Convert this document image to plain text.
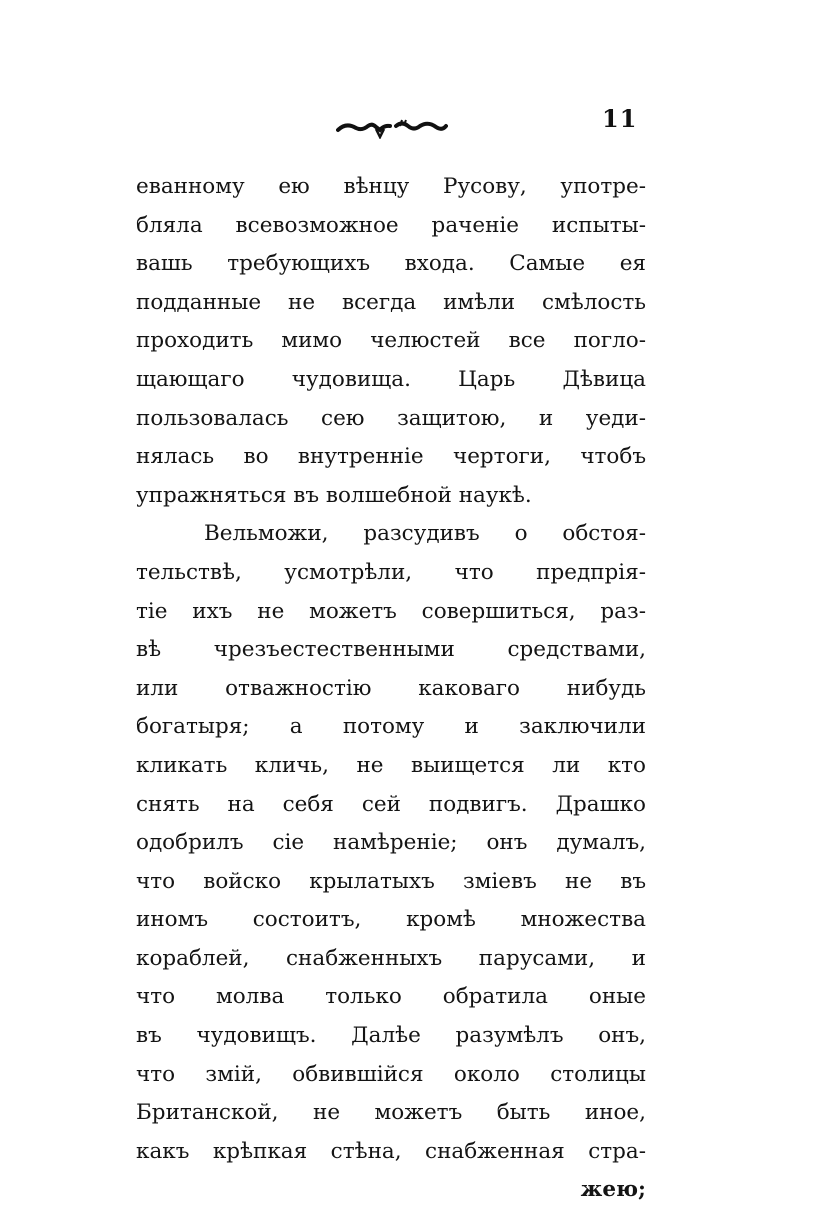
11
еванному ею вѣнцу Русову, употре-
бляла всевозможное раченіе испыты-
вашь требующихъ входа. Самые ея
подданные не всегда имѣли смѣлость
проходить мимо челюстей все погло-
щающаго чудовища. Царь Дѣвица
пользовалась сею защитою, и уеди-
нялась во внутренніе чертоги, чтобъ
упражняться въ волшебной наукѣ.
Вельможи, разсудивъ о обстоя-
тельствѣ, усмотрѣли, что предпрія-
тіе ихъ не можетъ совершиться, раз-
вѣ чрезъестественными средствами,
или отважностію каковаго нибудь
богатыря; а потому и заключили
кликать кличь, не выищется ли кто
снять на себя сей подвигъ. Драшко
одобрилъ сіе намѣреніе; онъ думалъ,
что войско крылатыхъ зміевъ не въ
иномъ состоитъ, кромѣ множества
кораблей, снабженныхъ парусами, и
что молва только обратила оные
въ чудовищъ. Далѣе разумѣлъ онъ,
что змій, обвившійся около столицы
Британской, не можетъ быть иное,
какъ крѣпкая стѣна, снабженная стра-
жею;
